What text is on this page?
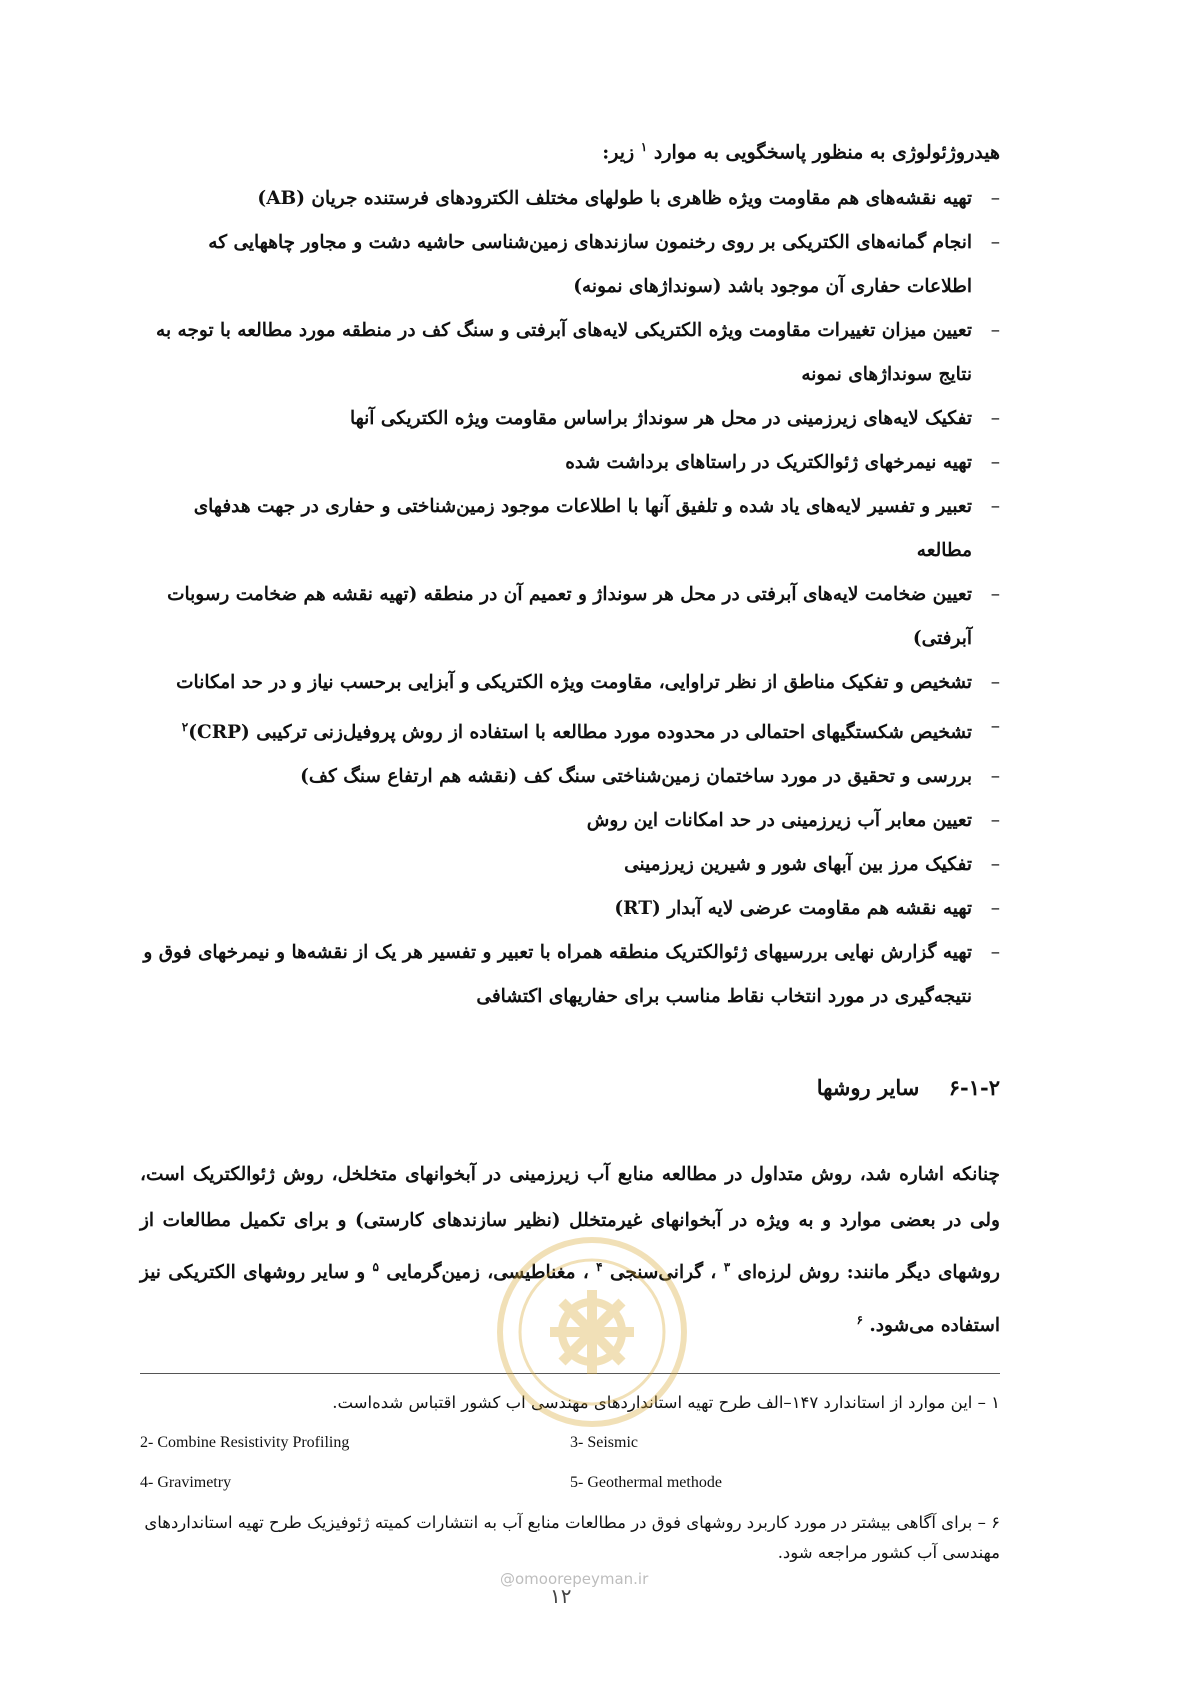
هیدروژئولوژی به منظور پاسخگویی به موارد $^۱$ زیر:

–
تهیه نقشه‌های هم مقاومت ویژه ظاهری با طولهای مختلف الکترودهای فرستنده جریان (AB)
–
انجام گمانه‌های الکتریکی بر روی رخنمون سازندهای زمین‌شناسی حاشیه دشت و مجاور چاههایی که اطلاعات حفاری آن موجود باشد (سونداژهای نمونه)
–
تعیین میزان تغییرات مقاومت ویژه الکتریکی لایه‌های آبرفتی و سنگ کف در منطقه مورد مطالعه با توجه به نتایج سونداژهای نمونه
–
تفکیک لایه‌های زیرزمینی در محل هر سونداژ براساس مقاومت ویژه الکتریکی آنها
–
تهیه نیمرخهای ژئوالکتریک در راستاهای برداشت شده
–
تعبیر و تفسیر لایه‌های یاد شده و تلفیق آنها با اطلاعات موجود زمین‌شناختی و حفاری در جهت هدفهای مطالعه
–
تعیین ضخامت لایه‌های آبرفتی در محل هر سونداژ و تعمیم آن در منطقه (تهیه نقشه هم ضخامت رسوبات آبرفتی)
–
تشخیص و تفکیک مناطق از نظر تراوایی، مقاومت ویژه الکتریکی و آبزایی برحسب نیاز و در حد امکانات
–
تشخیص شکستگیهای احتمالی در محدوده مورد مطالعه با استفاده از روش پروفیل‌زنی ترکیبی (CRP)$^۲$
–
بررسی و تحقیق در مورد ساختمان زمین‌شناختی سنگ کف (نقشه هم ارتفاع سنگ کف)
–
تعیین معابر آب زیرزمینی در حد امکانات این روش
–
تفکیک مرز بین آبهای شور و شیرین زیرزمینی
–
تهیه نقشه هم مقاومت عرضی لایه آبدار (RT)
–
تهیه گزارش نهایی بررسیهای ژئوالکتریک منطقه همراه با تعبیر و تفسیر هر یک از نقشه‌ها و نیمرخهای فوق و نتیجه‌گیری در مورد انتخاب نقاط مناسب برای حفاریهای اکتشافی
۶-۱-۲ سایر روشها

چنانکه اشاره شد، روش متداول در مطالعه منابع آب زیرزمینی در آبخوانهای متخلخل، روش ژئوالکتریک است، ولی در بعضی موارد و به ویژه در آبخوانهای غیرمتخلل (نظیر سازندهای کارستی) و برای تکمیل مطالعات از روشهای دیگر مانند: روش لرزه‌ای $^۳$ ، گرانی‌سنجی $^۴$ ، مغناطیسی، زمین‌گرمایی $^۵$ و سایر روشهای الکتریکی نیز استفاده می‌شود. $^۶$

۱ – این موارد از استاندارد ۱۴۷–الف طرح تهیه استانداردهای مهندسی اب کشور اقتباس شده‌است.

2- Combine Resistivity Profiling	3- Seismic
4- Gravimetry	5- Geothermal methode

۶ – برای آگاهی بیشتر در مورد کاربرد روشهای فوق در مطالعات منابع آب به انتشارات کمیته ژئوفیزیک طرح تهیه استانداردهای مهندسی آب کشور مراجعه شود.

@omoorepeyman.ir
۱۲
